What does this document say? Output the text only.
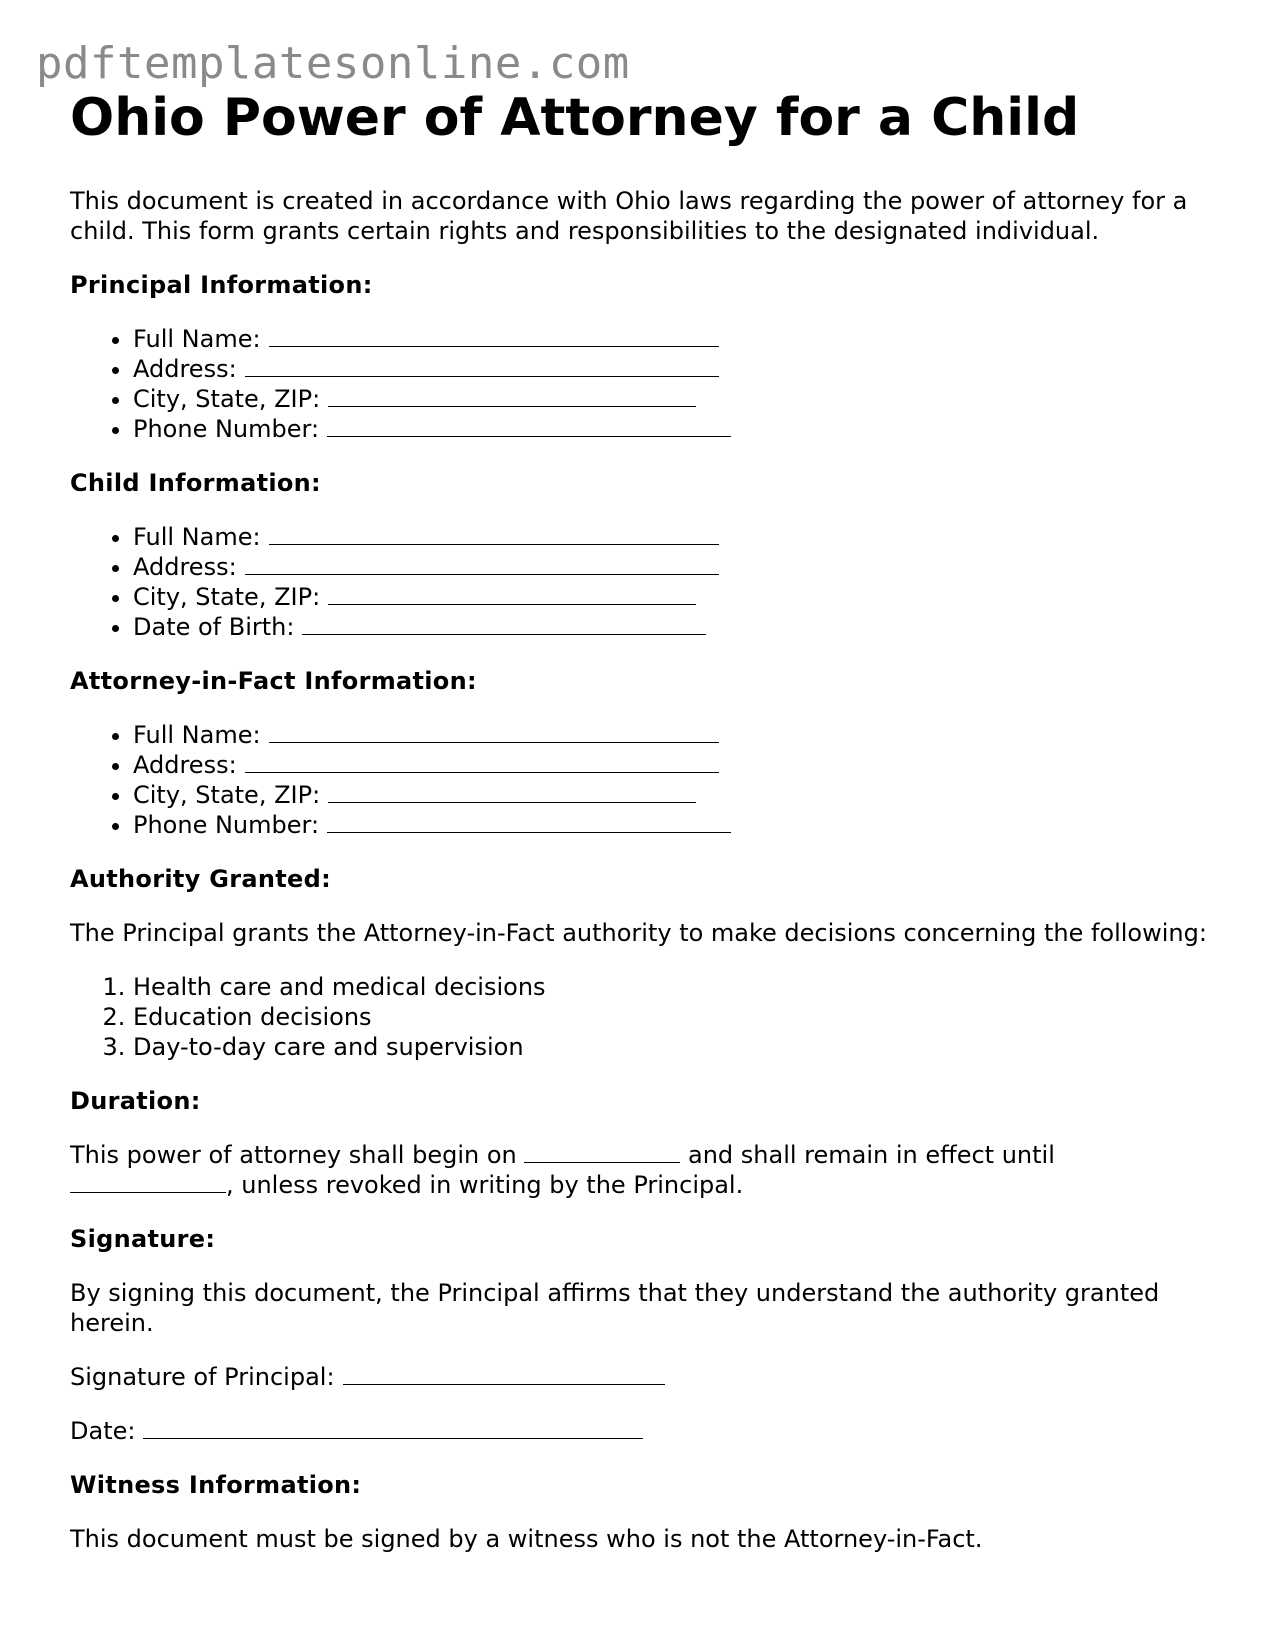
pdftemplatesonline.com
Ohio Power of Attorney for a Child

This document is created in accordance with Ohio laws regarding the power of attorney for a child. This form grants certain rights and responsibilities to the designated individual.

Principal Information:
• Full Name:
• Address:
• City, State, ZIP:
• Phone Number:
Child Information:
• Full Name:
• Address:
• City, State, ZIP:
• Date of Birth:
Attorney-in-Fact Information:
• Full Name:
• Address:
• City, State, ZIP:
• Phone Number:
Authority Granted:

The Principal grants the Attorney-in-Fact authority to make decisions concerning the following:

1. Health care and medical decisions
2. Education decisions
3. Day-to-day care and supervision
Duration:

This power of attorney shall begin on	and shall remain in effect until
, unless revoked in writing by the Principal.

Signature:

By signing this document, the Principal affirms that they understand the authority granted herein.

Signature of Principal:

Date:

Witness Information:

This document must be signed by a witness who is not the Attorney-in-Fact.
